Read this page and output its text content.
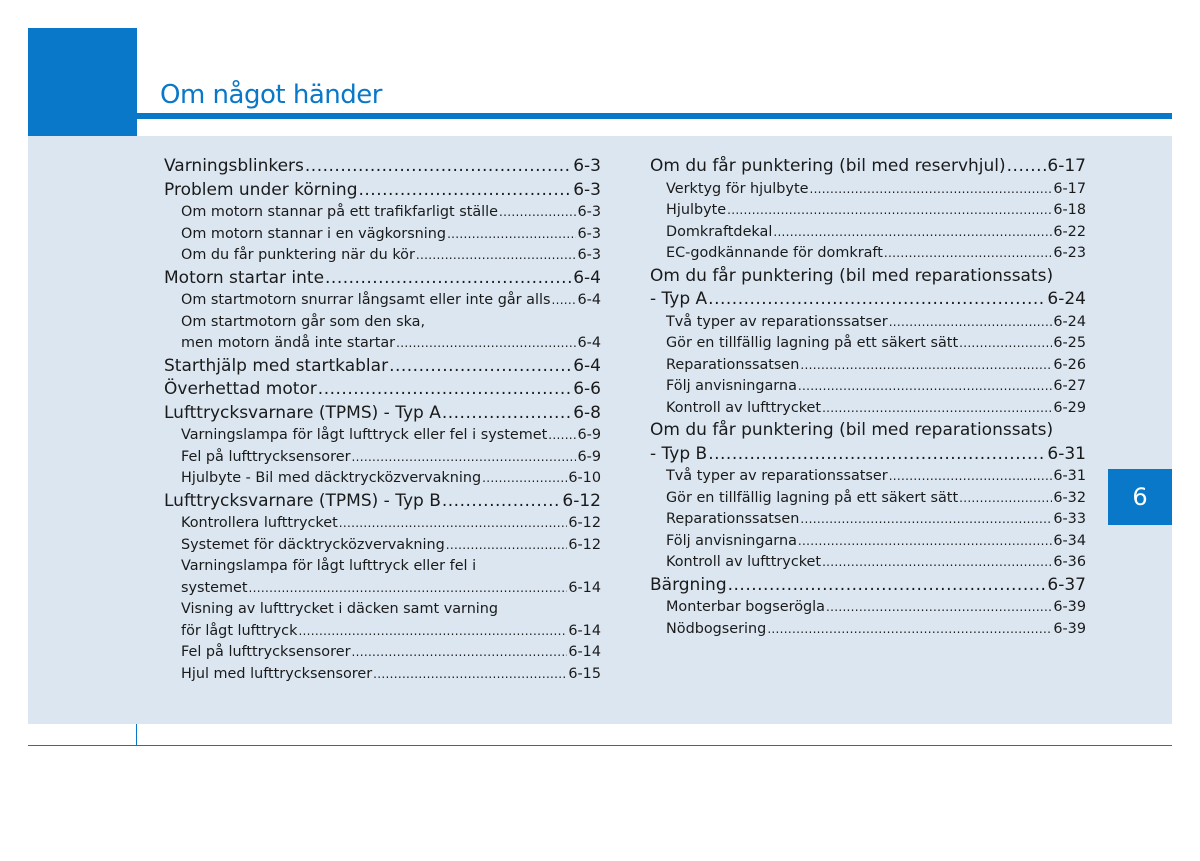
Om något händer
6
Varningsblinkers .....	6-3
Problem under körning .....	6-3
Om motorn stannar på ett trafikfarligt ställe .....	6-3
Om motorn stannar i en vägkorsning .....	6-3
Om du får punktering när du kör .....	6-3
Motorn startar inte .....	6-4
Om startmotorn snurrar långsamt eller inte går alls ..... 6-4
Om startmotorn går som den ska,
men motorn ändå inte startar .....	6-4
Starthjälp med startkablar .....	6-4
Överhettad motor .....	6-6
Lufttrycksvarnare (TPMS) - Typ A .....	6-8
Varningslampa för lågt lufttryck eller fel i systemet ..... 6-9
Fel på lufttrycksensorer .....	6-9
Hjulbyte - Bil med däcktrycközvervakning .....	6-10
Lufttrycksvarnare (TPMS) - Typ B .....	6-12
Kontrollera lufttrycket .....	6-12
Systemet för däcktrycközvervakning .....	6-12
Varningslampa för lågt lufttryck eller fel i
systemet .....	6-14
Visning av lufttrycket i däcken samt varning
för lågt lufttryck .....	6-14
Fel på lufttrycksensorer .....	6-14
Hjul med lufttrycksensorer .....	6-15
Om du får punktering (bil med reservhjul) ..... 6-17
Verktyg för hjulbyte .....	6-17
Hjulbyte .....	6-18
Domkraftdekal .....	6-22
EC-godkännande för domkraft .....	6-23
Om du får punktering (bil med reparationssats)
- Typ A .....	6-24
Två typer av reparationssatser .....	6-24
Gör en tillfällig lagning på ett säkert sätt .....	6-25
Reparationssatsen .....	6-26
Följ anvisningarna .....	6-27
Kontroll av lufttrycket .....	6-29
Om du får punktering (bil med reparationssats)
- Typ B .....	6-31
Två typer av reparationssatser .....	6-31
Gör en tillfällig lagning på ett säkert sätt .....	6-32
Reparationssatsen .....	6-33
Följ anvisningarna .....	6-34
Kontroll av lufttrycket .....	6-36
Bärgning .....	6-37
Monterbar bogserögla .....	6-39
Nödbogsering .....	6-39
